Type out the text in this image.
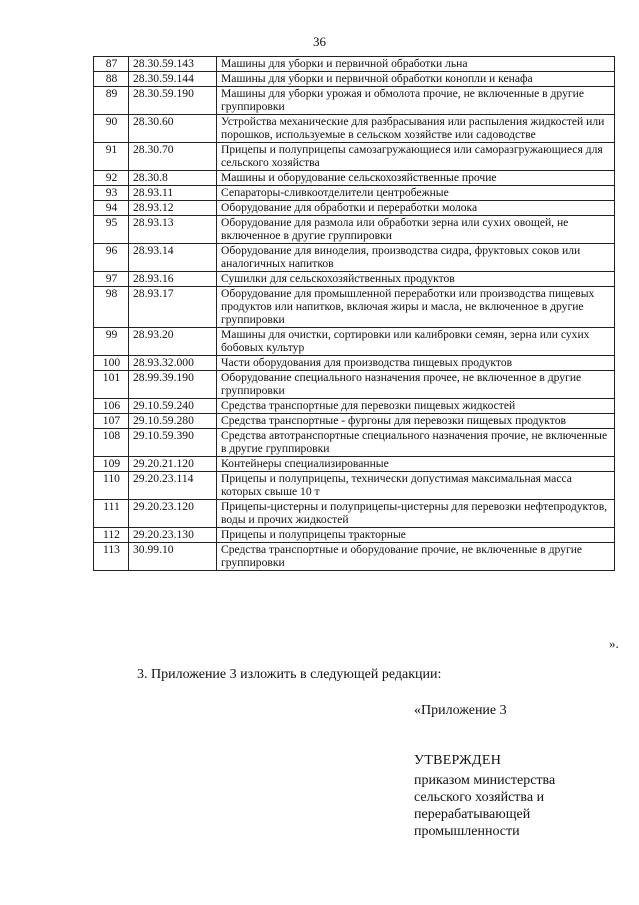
36
87	28.30.59.143	Машины для уборки и первичной обработки льна
88	28.30.59.144	Машины для уборки и первичной обработки конопли и кенафа
89	28.30.59.190	Машины для уборки урожая и обмолота прочие, не включенные в другие группировки
90	28.30.60	Устройства механические для разбрасывания или распыления жидкостей или порошков, используемые в сельском хозяйстве или садоводстве
91	28.30.70	Прицепы и полуприцепы самозагружающиеся или саморазгружающиеся для сельского хозяйства
92	28.30.8	Машины и оборудование сельскохозяйственные прочие
93	28.93.11	Сепараторы-сливкоотделители центробежные
94	28.93.12	Оборудование для обработки и переработки молока
95	28.93.13	Оборудование для размола или обработки зерна или сухих овощей, не включенное в другие группировки
96	28.93.14	Оборудование для виноделия, производства сидра, фруктовых соков или аналогичных напитков
97	28.93.16	Сушилки для сельскохозяйственных продуктов
98	28.93.17	Оборудование для промышленной переработки или производства пищевых продуктов или напитков, включая жиры и масла, не включенное в другие группировки
99	28.93.20	Машины для очистки, сортировки или калибровки семян, зерна или сухих бобовых культур
100	28.93.32.000	Части оборудования для производства пищевых продуктов
101	28.99.39.190	Оборудование специального назначения прочее, не включенное в другие группировки
106	29.10.59.240	Средства транспортные для перевозки пищевых жидкостей
107	29.10.59.280	Средства транспортные - фургоны для перевозки пищевых продуктов
108	29.10.59.390	Средства автотранспортные специального назначения прочие, не включенные в другие группировки
109	29.20.21.120	Контейнеры специализированные
110	29.20.23.114	Прицепы и полуприцепы, технически допустимая максимальная масса которых свыше 10 т
111	29.20.23.120	Прицепы-цистерны и полуприцепы-цистерны для перевозки нефтепродуктов, воды и прочих жидкостей
112	29.20.23.130	Прицепы и полуприцепы тракторные
113	30.99.10	Средства транспортные и оборудование прочие, не включенные в другие группировки
».
3. Приложение 3 изложить в следующей редакции:
«Приложение 3
УТВЕРЖДЕН
приказом министерства
сельского хозяйства и
перерабатывающей
промышленности
